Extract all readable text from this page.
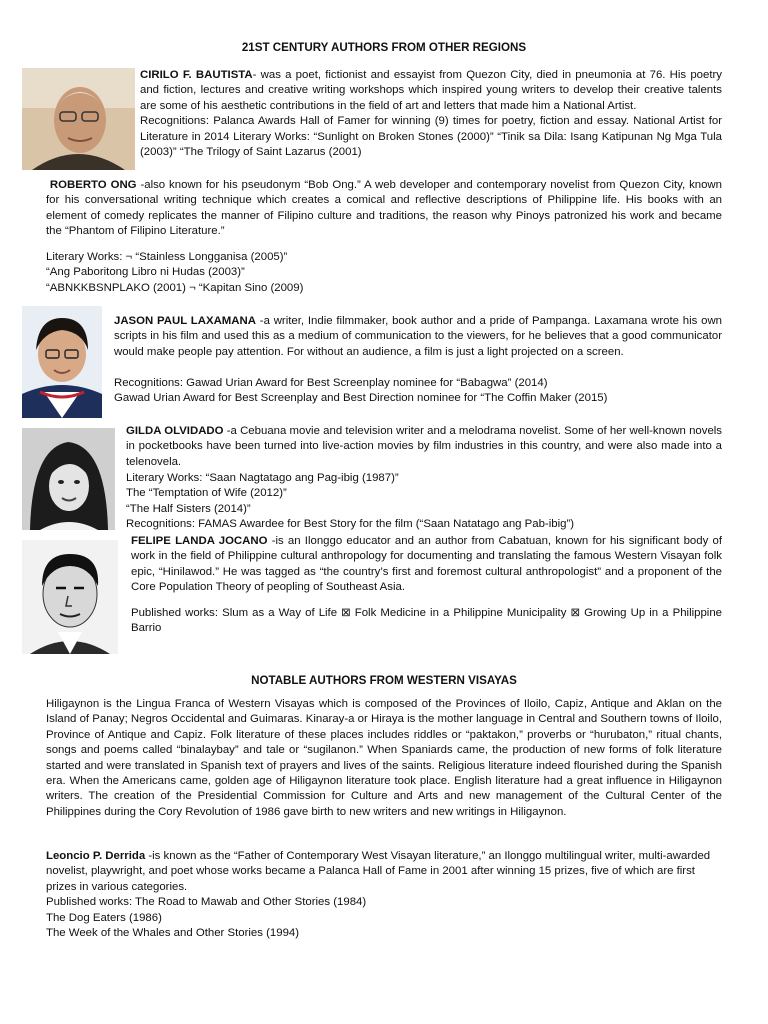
21ST CENTURY AUTHORS FROM OTHER REGIONS

CIRILO F. BAUTISTA- was a poet, fictionist and essayist from Quezon City, died in pneumonia at 76. His poetry and fiction, lectures and creative writing workshops which inspired young writers to develop their creative talents are some of his aesthetic contributions in the field of art and letters that made him a National Artist.

Recognitions: Palanca Awards Hall of Famer for winning (9) times for poetry, fiction and essay. National Artist for Literature in 2014 Literary Works: “Sunlight on Broken Stones (2000)” “Tinik sa Dila: Isang Katipunan Ng Mga Tula (2003)” “The Trilogy of Saint Lazarus (2001)

ROBERTO ONG -also known for his pseudonym “Bob Ong.” A web developer and contemporary novelist from Quezon City, known for his conversational writing technique which creates a comical and reflective descriptions of Philippine life. His books with an element of comedy replicates the manner of Filipino culture and traditions, the reason why Pinoys patronized his work and became the “Phantom of Filipino Literature.”

Literary Works: ¬ “Stainless Longganisa (2005)”
“Ang Paboritong Libro ni Hudas (2003)”
“ABNKKBSNPLAKO (2001) ¬ “Kapitan Sino (2009)

JASON PAUL LAXAMANA -a writer, Indie filmmaker, book author and a pride of Pampanga. Laxamana wrote his own scripts in his film and used this as a medium of communication to the viewers, for he believes that a good communicator would make people pay attention. For without an audience, a film is just a light projected on a screen.

Recognitions: Gawad Urian Award for Best Screenplay nominee for “Babagwa” (2014)
Gawad Urian Award for Best Screenplay and Best Direction nominee for “The Coffin Maker (2015)

GILDA OLVIDADO -a Cebuana movie and television writer and a melodrama novelist. Some of her well-known novels in pocketbooks have been turned into live-action movies by film industries in this country, and were also made into a telenovela.

Literary Works: “Saan Nagtatago ang Pag-ibig (1987)”
The “Temptation of Wife (2012)”
“The Half Sisters (2014)”
Recognitions: FAMAS Awardee for Best Story for the film (“Saan Natatago ang Pab-ibig”)

FELIPE LANDA JOCANO -is an Ilonggo educator and an author from Cabatuan, known for his significant body of work in the field of Philippine cultural anthropology for documenting and translating the famous Western Visayan folk epic, “Hinilawod.” He was tagged as “the country’s first and foremost cultural anthropologist” and a proponent of the Core Population Theory of peopling of Southeast Asia.

Published works: Slum as a Way of Life ⊠ Folk Medicine in a Philippine Municipality ⊠ Growing Up in a Philippine Barrio
NOTABLE AUTHORS FROM WESTERN VISAYAS
Hiligaynon is the Lingua Franca of Western Visayas which is composed of the Provinces of Iloilo, Capiz, Antique and Aklan on the Island of Panay; Negros Occidental and Guimaras. Kinaray-a or Hiraya is the mother language in Central and Southern towns of Iloilo, Province of Antique and Capiz. Folk literature of these places includes riddles or “paktakon,” proverbs or “hurubaton,” ritual chants, songs and poems called “binalaybay” and tale or “sugilanon.” When Spaniards came, the production of new forms of folk literature started and were translated in Spanish text of prayers and lives of the saints. Religious literature indeed flourished during the Spanish era. When the Americans came, golden age of Hiligaynon literature took place. English literature had a great influence in Hiligaynon writers. The creation of the Presidential Commission for Culture and Arts and new management of the Cultural Center of the Philippines during the Cory Revolution of 1986 gave birth to new writers and new writings in Hiligaynon.

Leoncio P. Derrida -is known as the “Father of Contemporary West Visayan literature,” an Ilonggo multilingual writer, multi-awarded novelist, playwright, and poet whose works became a Palanca Hall of Fame in 2001 after winning 15 prizes, five of which are first prizes in various categories.

Published works: The Road to Mawab and Other Stories (1984)
The Dog Eaters (1986)
The Week of the Whales and Other Stories (1994)
